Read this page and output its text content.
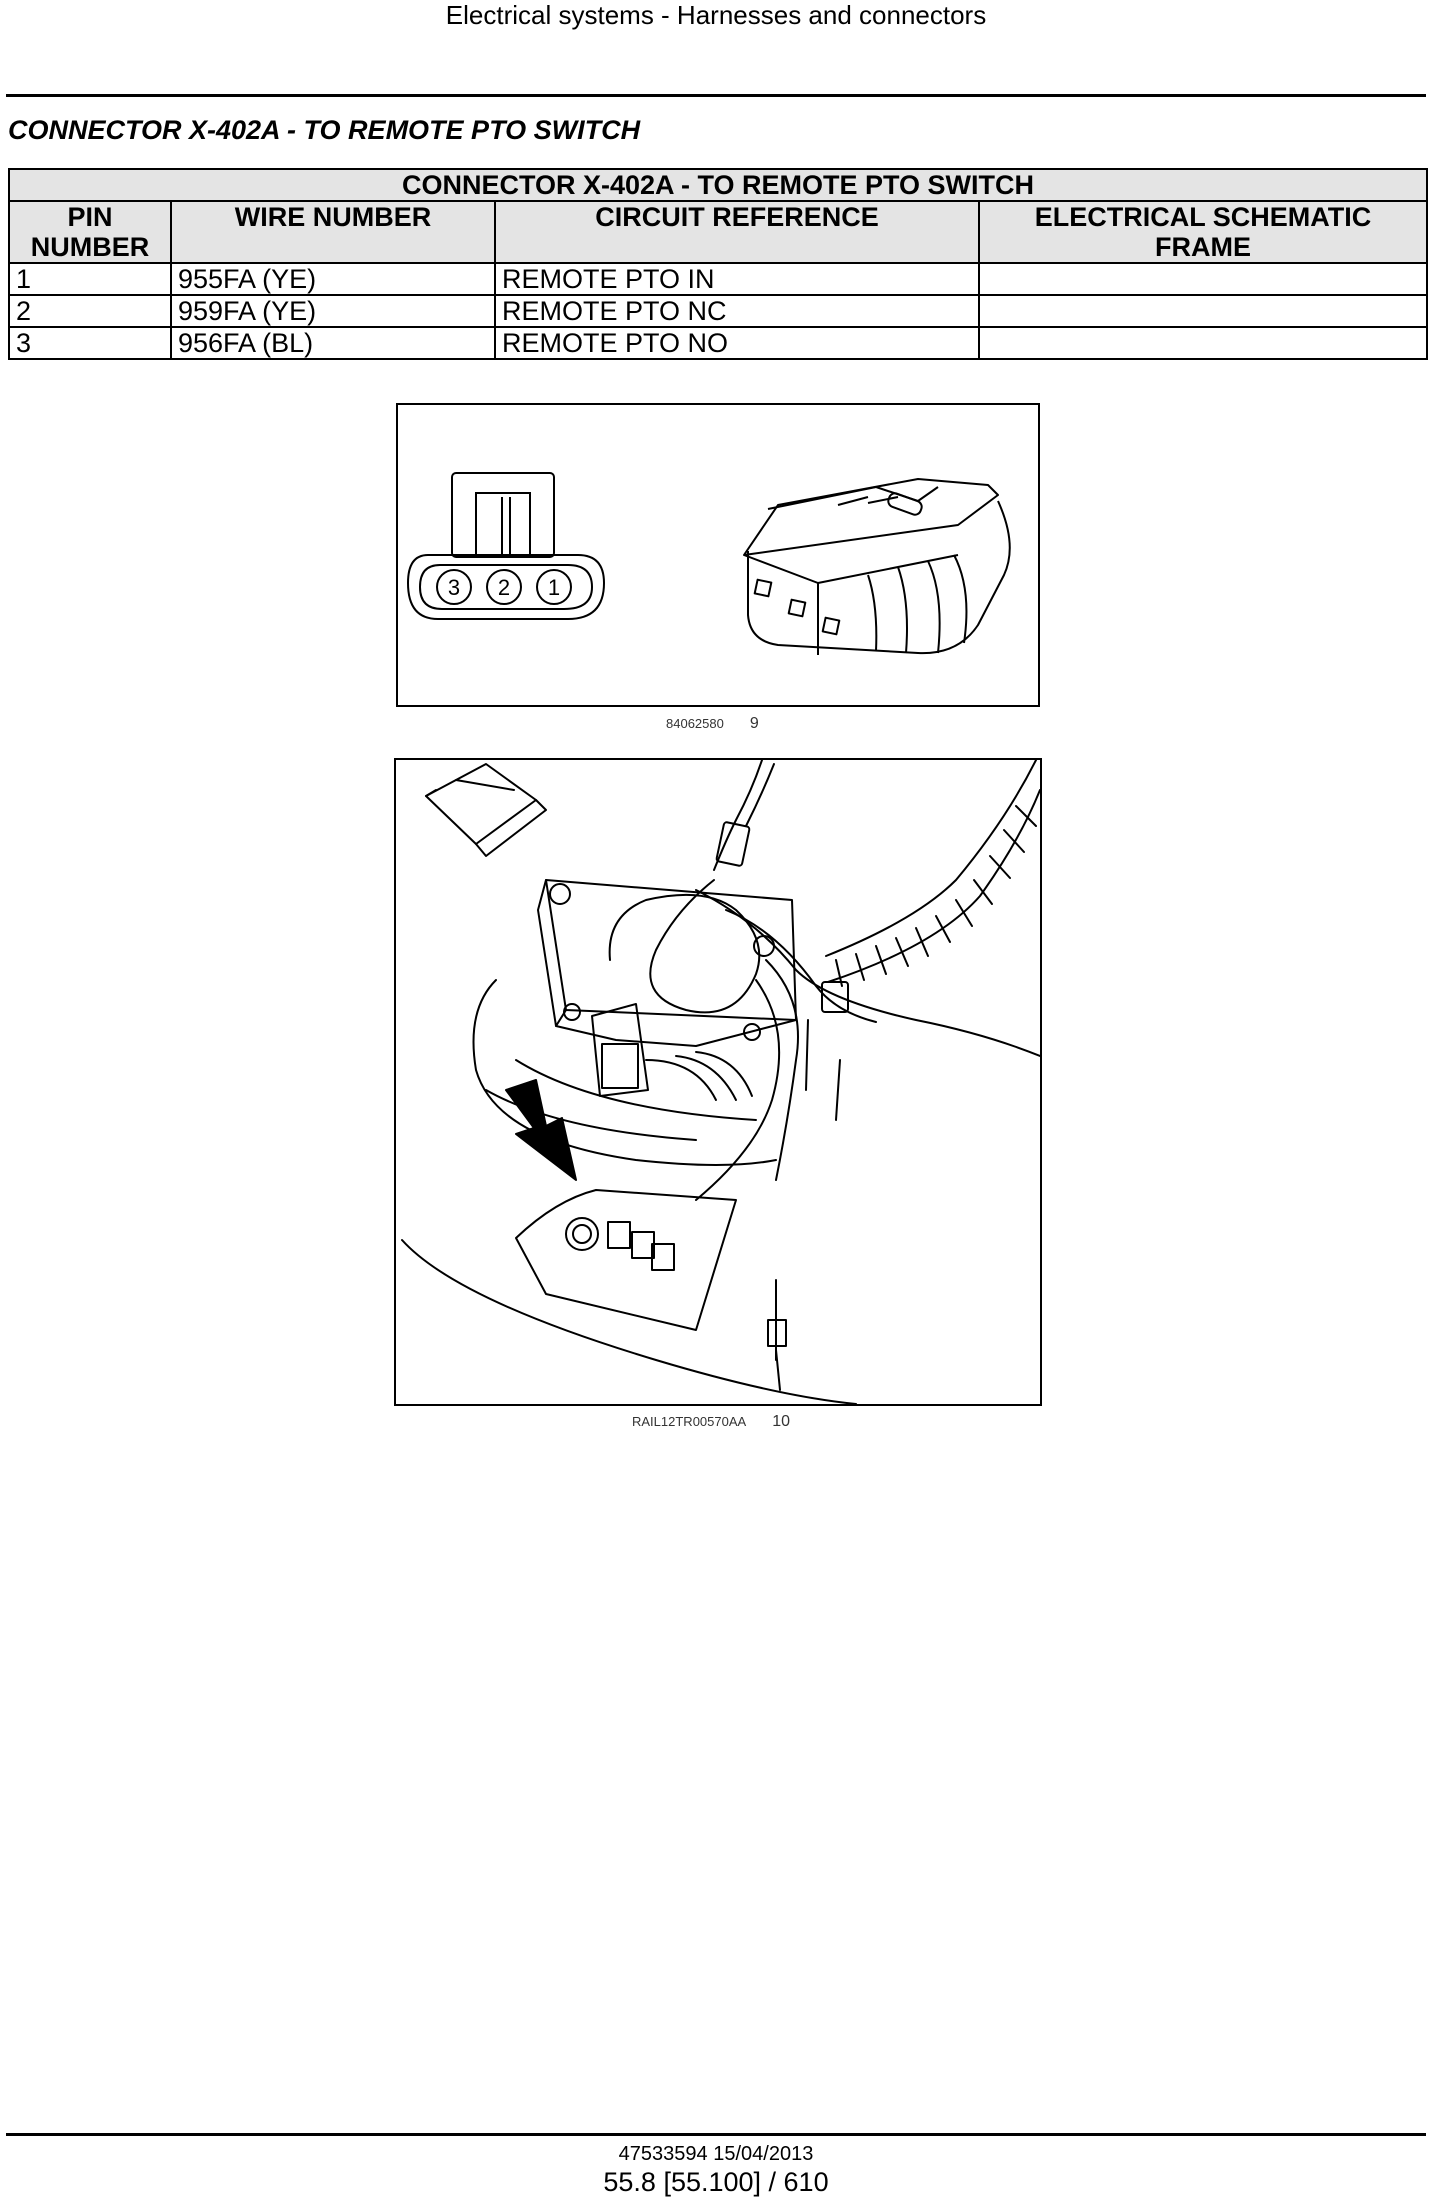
Electrical systems - Harnesses and connectors
CONNECTOR X-402A - TO REMOTE PTO SWITCH
CONNECTOR X-402A - TO REMOTE PTO SWITCH			
PIN NUMBER	WIRE NUMBER	CIRCUIT REFERENCE	ELECTRICAL SCHEMATIC FRAME
1	955FA (YE)	REMOTE PTO IN	
2	959FA (YE)	REMOTE PTO NC	
3	956FA (BL)	REMOTE PTO NO	
3 2 1
84062580 9
RAIL12TR00570AA 10
47533594 15/04/2013
55.8 [55.100] / 610
